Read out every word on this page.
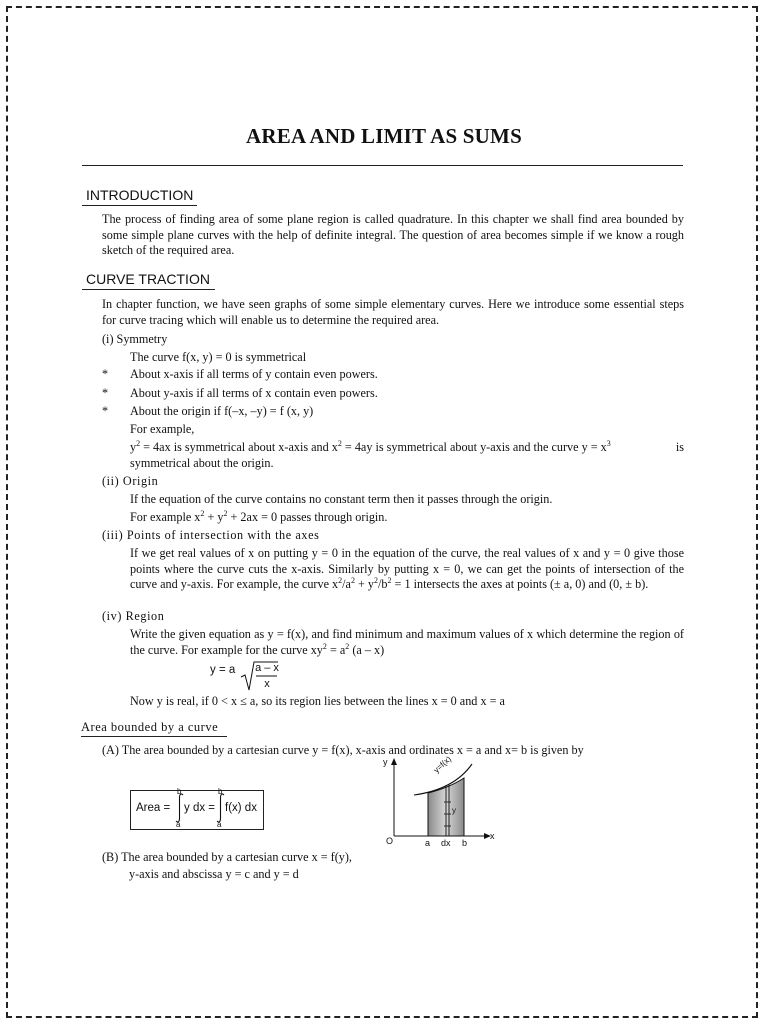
AREA AND LIMIT AS SUMS
INTRODUCTION
The process of finding area of some plane region is called quadrature. In this chapter we shall find area bounded by some simple plane curves with the help of definite integral. The question of area becomes simple if we know a rough sketch of the required area.
CURVE TRACTION
In chapter function, we have seen graphs of some simple elementary curves. Here we introduce some essential steps for curve tracing which will enable us to determine the required area.
(i) Symmetry
The curve f(x, y) = 0 is symmetrical
* About x-axis if all terms of y contain even powers.
* About y-axis if all terms of x contain even powers.
* About the origin if f(–x, –y) = f (x, y)
For example,
$y^2 = 4ax$ is symmetrical about x-axis and $x^2 = 4ay$ is symmetrical about y-axis and the curve $y = x^3$	is
symmetrical about the origin.
(ii) Origin
If the equation of the curve contains no constant term then it passes through the origin.
For example $x^2 + y^2 + 2ax = 0$ passes through origin.
(iii) Points of intersection with the axes
If we get real values of x on putting y = 0 in the equation of the curve, the real values of x and y = 0 give those points where the curve cuts the x-axis. Similarly by putting x = 0, we can get the points of intersection of the curve and y-axis. For example, the curve $x^2/a^2 + y^2/b^2 = 1$ intersects the axes at points (± a, 0) and (0, ± b).
(iv) Region
Write the given equation as y = f(x), and find minimum and maximum values of x which determine the region of the curve. For example for the curve $xy^2 = a^2$ (a – x)
y = a a – x
x
Now y is real, if 0 < x ≤ a, so its region lies between the lines x = 0 and x = a
Area bounded by a curve
(A) The area bounded by a cartesian curve y = f(x), x-axis and ordinates x = a and x= b is given by
Area =
b
a
y dx =
b
a
f(x) dx
y
x
O
y=f(x)
y
a dx b
(B) The area bounded by a cartesian curve x = f(y),
y-axis and abscissa y = c and y = d
